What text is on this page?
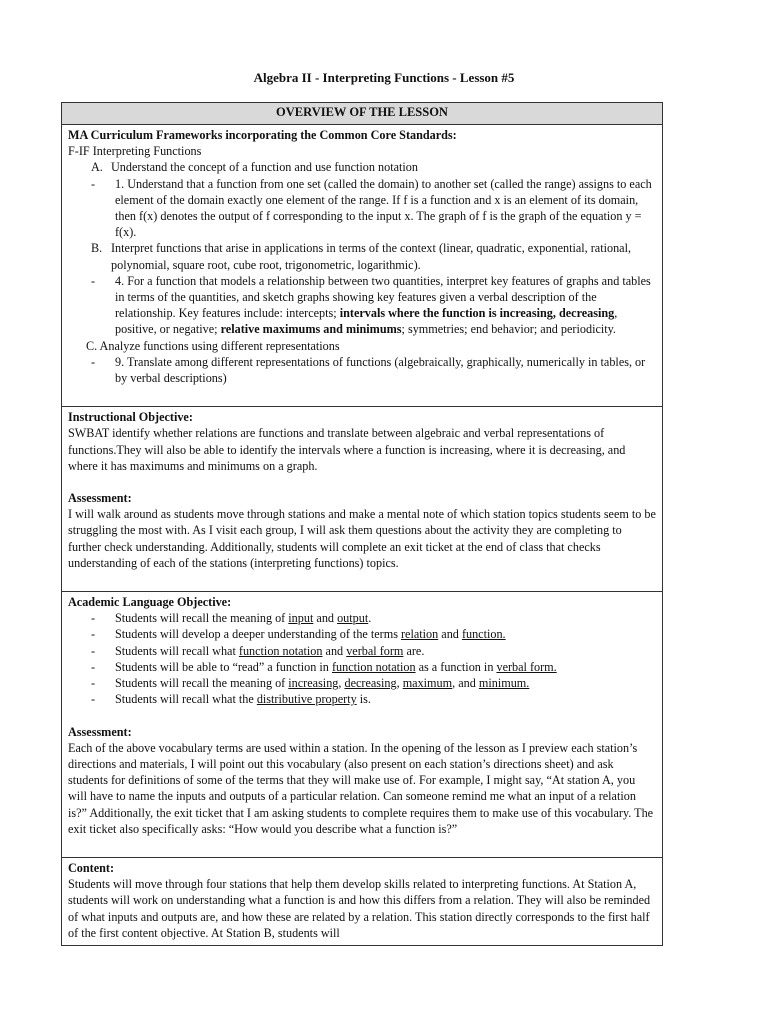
Algebra II - Interpreting Functions - Lesson #5
OVERVIEW OF THE LESSON

MA Curriculum Frameworks incorporating the Common Core Standards:
F-IF Interpreting Functions
A. Understand the concept of a function and use function notation
-	1. Understand that a function from one set (called the domain) to another set (called the range) assigns to each element of the domain exactly one element of the range. If f is a function and x is an element of its domain, then f(x) denotes the output of f corresponding to the input x. The graph of f is the graph of the equation y = f(x).
B. Interpret functions that arise in applications in terms of the context (linear, quadratic, exponential, rational, polynomial, square root, cube root, trigonometric, logarithmic).
-	4. For a function that models a relationship between two quantities, interpret key features of graphs and tables in terms of the quantities, and sketch graphs showing key features given a verbal description of the relationship. Key features include: intercepts; intervals where the function is increasing, decreasing, positive, or negative; relative maximums and minimums; symmetries; end behavior; and periodicity.
C. Analyze functions using different representations
-	9. Translate among different representations of functions (algebraically, graphically, numerically in tables, or by verbal descriptions)

Instructional Objective:
SWBAT identify whether relations are functions and translate between algebraic and verbal representations of functions.They will also be able to identify the intervals where a function is increasing, where it is decreasing, and where it has maximums and minimums on a graph.
Assessment:
I will walk around as students move through stations and make a mental note of which station topics students seem to be struggling the most with. As I visit each group, I will ask them questions about the activity they are completing to further check understanding. Additionally, students will complete an exit ticket at the end of class that checks understanding of each of the stations (interpreting functions) topics.

Academic Language Objective:
-	Students will recall the meaning of input and output.
-	Students will develop a deeper understanding of the terms relation and function.
-	Students will recall what function notation and verbal form are.
-	Students will be able to “read” a function in function notation as a function in verbal form.
-	Students will recall the meaning of increasing, decreasing, maximum, and minimum.
-	Students will recall what the distributive property is.
Assessment:
Each of the above vocabulary terms are used within a station. In the opening of the lesson as I preview each station’s directions and materials, I will point out this vocabulary (also present on each station’s directions sheet) and ask students for definitions of some of the terms that they will make use of. For example, I might say, “At station A, you will have to name the inputs and outputs of a particular relation. Can someone remind me what an input of a relation is?” Additionally, the exit ticket that I am asking students to complete requires them to make use of this vocabulary. The exit ticket also specifically asks: “How would you describe what a function is?”

Content:
Students will move through four stations that help them develop skills related to interpreting functions. At Station A, students will work on understanding what a function is and how this differs from a relation. They will also be reminded of what inputs and outputs are, and how these are related by a relation. This station directly corresponds to the first half of the first content objective. At Station B, students will
